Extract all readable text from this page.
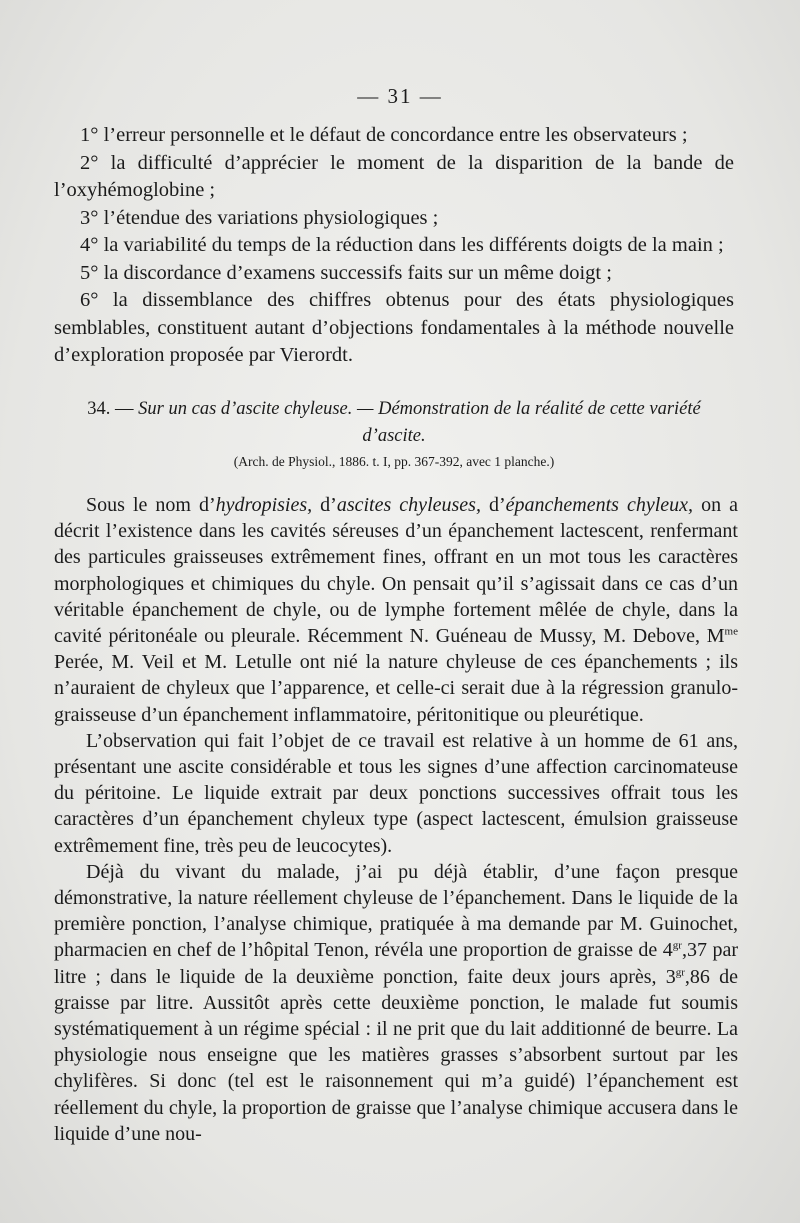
— 31 —

1° l’erreur personnelle et le défaut de concordance entre les observateurs ;

2° la difficulté d’apprécier le moment de la disparition de la bande de l’oxyhémoglobine ;

3° l’étendue des variations physiologiques ;

4° la variabilité du temps de la réduction dans les différents doigts de la main ;

5° la discordance d’examens successifs faits sur un même doigt ;

6° la dissemblance des chiffres obtenus pour des états physiologiques semblables, constituent autant d’objections fondamentales à la méthode nouvelle d’exploration proposée par Vierordt.

34. — Sur un cas d’ascite chyleuse. — Démonstration de la réalité de cette variété d’ascite.
(Arch. de Physiol., 1886. t. I, pp. 367-392, avec 1 planche.)

Sous le nom d’hydropisies, d’ascites chyleuses, d’épanchements chyleux, on a décrit l’existence dans les cavités séreuses d’un épanchement lactescent, renfermant des particules graisseuses extrêmement fines, offrant en un mot tous les caractères morphologiques et chimiques du chyle. On pensait qu’il s’agissait dans ce cas d’un véritable épanchement de chyle, ou de lymphe fortement mêlée de chyle, dans la cavité péritonéale ou pleurale. Récemment N. Guéneau de Mussy, M. Debove, $M^{me}$ Perée, M. Veil et M. Letulle ont nié la nature chyleuse de ces épanchements ; ils n’auraient de chyleux que l’apparence, et celle-ci serait due à la régression granulo-graisseuse d’un épanchement inflammatoire, péritonitique ou pleurétique.

L’observation qui fait l’objet de ce travail est relative à un homme de 61 ans, présentant une ascite considérable et tous les signes d’une affection carcinomateuse du péritoine. Le liquide extrait par deux ponctions successives offrait tous les caractères d’un épanchement chyleux type (aspect lactescent, émulsion graisseuse extrêmement fine, très peu de leucocytes).

Déjà du vivant du malade, j’ai pu déjà établir, d’une façon presque démonstrative, la nature réellement chyleuse de l’épanchement. Dans le liquide de la première ponction, l’analyse chimique, pratiquée à ma demande par M. Guinochet, pharmacien en chef de l’hôpital Tenon, révéla une proportion de graisse de $4^{gr},37$ par litre ; dans le liquide de la deuxième ponction, faite deux jours après, $3^{gr},86$ de graisse par litre. Aussitôt après cette deuxième ponction, le malade fut soumis systématiquement à un régime spécial : il ne prit que du lait additionné de beurre. La physiologie nous enseigne que les matières grasses s’absorbent surtout par les chylifères. Si donc (tel est le raisonnement qui m’a guidé) l’épanchement est réellement du chyle, la proportion de graisse que l’analyse chimique accusera dans le liquide d’une nou-
